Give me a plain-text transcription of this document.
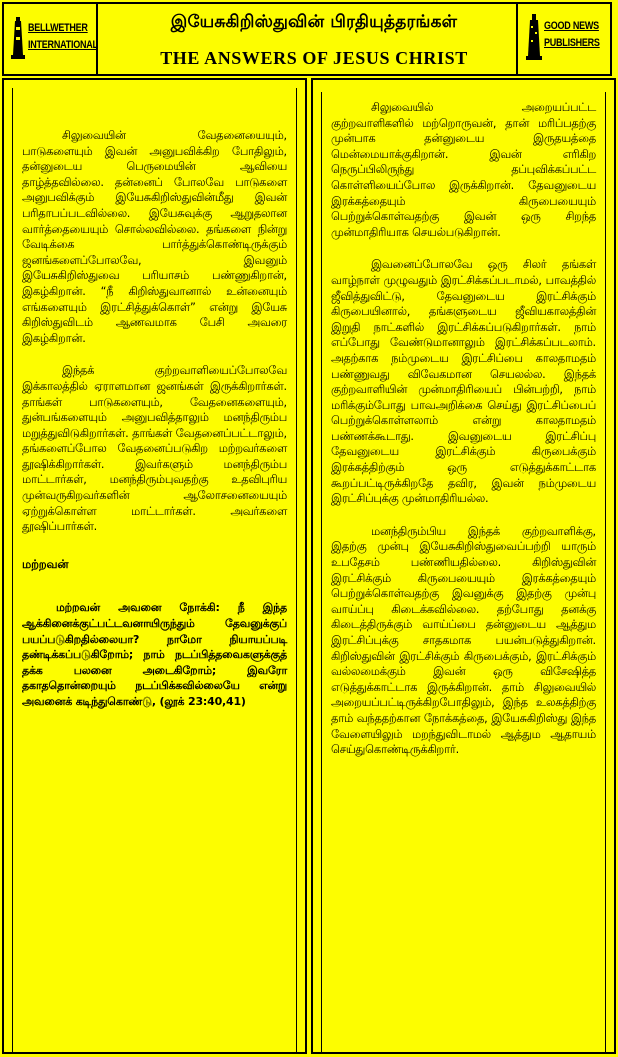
BELLWETHER
INTERNATIONAL
இயேசுகிறிஸ்துவின் பிரதியுத்தரங்கள்
THE ANSWERS OF JESUS CHRIST
GOOD NEWS
PUBLISHERS

சிலுவையின் வேதனையையும், பாடுகளையும் இவன் அனுபவிக்கிற போதிலும், தன்னுடைய பெருமையின் ஆவியை தாழ்த்தவில்லை. தன்னைப் போலவே பாடுகளை அனுபவிக்கும் இயேசுகிறிஸ்துவின்மீது இவன் பரிதாபப்படவில்லை. இயேசுவுக்கு ஆறுதலான வார்த்தையையும் சொல்லவில்லை. தங்களை நின்று வேடிக்கை பார்த்துக்கொண்டிருக்கும் ஜனங்களைப்போலவே, இவனும் இயேசுகிறிஸ்துவை பரியாசம் பண்ணுகிறான், இகழ்கிறான். “நீ கிறிஸ்துவானால் உன்னையும் எங்களையும் இரட்சித்துக்கொள்” என்று இயேசு கிறிஸ்துவிடம் ஆணவமாக பேசி அவரை இகழ்கிறான்.

இந்தக் குற்றவாளியைப்போலவே இக்காலத்தில் ஏராளமான ஜனங்கள் இருக்கிறார்கள். தாங்கள் பாடுகளையும், வேதனைகளையும், துன்பங்களையும் அனுபவித்தாலும் மனந்திரும்ப மறுத்துவிடுகிறார்கள். தாங்கள் வேதனைப்பட்டாலும், தங்களைப்போல வேதனைப்படுகிற மற்றவர்களை தூஷிக்கிறார்கள். இவர்களும் மனந்திரும்ப மாட்டார்கள், மனந்திரும்புவதற்கு உதவிபுரிய முன்வருகிறவர்களின் ஆலோசனையையும் ஏற்றுக்கொள்ள மாட்டார்கள். அவர்களை தூஷிப்பார்கள்.

மற்றவன்

மற்றவன் அவனை நோக்கி: நீ இந்த ஆக்கினைக்குட்பட்டவனாயிருந்தும் தேவனுக்குப் பயப்படுகிறதில்லையா? நாமோ நியாயப்படி தண்டிக்கப்படுகிறோம்; நாம் நடப்பித்தவைகளுக்குத் தக்க பலனை அடைகிறோம்; இவரோ தகாததொன்றையும் நடப்பிக்கவில்லையே என்று அவனைக் கடிந்துகொண்டு, (லூக் 23:40,41)

சிலுவையில் அறையப்பட்ட குற்றவாளிகளில் மற்றொருவன், தான் மரிப்பதற்கு முன்பாக தன்னுடைய இருதயத்தை மென்மையாக்குகிறான். இவன் எரிகிற நெருப்பிலிருந்து தப்புவிக்கப்பட்ட கொள்ளியைப்போல இருக்கிறான். தேவனுடைய இரக்கத்தையும் கிருபையையும் பெற்றுக்கொள்வதற்கு இவன் ஒரு சிறந்த முன்மாதிரியாக செயல்படுகிறான்.

இவனைப்போலவே ஒரு சிலர் தங்கள் வாழ்நாள் முழுவதும் இரட்சிக்கப்படாமல், பாவத்தில் ஜீவித்துவிட்டு, தேவனுடைய இரட்சிக்கும் கிருபையினால், தங்களுடைய ஜீவியகாலத்தின் இறுதி நாட்களில் இரட்சிக்கப்படுகிறார்கள். நாம் எப்போது வேண்டுமானாலும் இரட்சிக்கப்படலாம். அதற்காக நம்முடைய இரட்சிப்பை காலதாமதம் பண்ணுவது விவேகமான செயலல்ல. இந்தக் குற்றவாளியின் முன்மாதிரியைப் பின்பற்றி, நாம் மரிக்கும்போது பாவஅறிக்கை செய்து இரட்சிப்பைப் பெற்றுக்கொள்ளலாம் என்று காலதாமதம் பண்ணக்கூடாது. இவனுடைய இரட்சிப்பு தேவனுடைய இரட்சிக்கும் கிருபைக்கும் இரக்கத்திற்கும் ஒரு எடுத்துக்காட்டாக கூறப்பட்டிருக்கிறதே தவிர, இவன் நம்முடைய இரட்சிப்புக்கு முன்மாதிரியல்ல.

மனந்திரும்பிய இந்தக் குற்றவாளிக்கு, இதற்கு முன்பு இயேசுகிறிஸ்துவைப்பற்றி யாரும் உபதேசம் பண்ணியதில்லை. கிறிஸ்துவின் இரட்சிக்கும் கிருபையையும் இரக்கத்தையும் பெற்றுக்கொள்வதற்கு இவனுக்கு இதற்கு முன்பு வாய்ப்பு கிடைக்கவில்லை. தற்போது தனக்கு கிடைத்திருக்கும் வாய்ப்பை தன்னுடைய ஆத்தும இரட்சிப்புக்கு சாதகமாக பயன்படுத்துகிறான். கிறிஸ்துவின் இரட்சிக்கும் கிருபைக்கும், இரட்சிக்கும் வல்லமைக்கும் இவன் ஒரு விசேஷித்த எடுத்துக்காட்டாக இருக்கிறான். தாம் சிலுவையில் அறையப்பட்டிருக்கிறபோதிலும், இந்த உலகத்திற்கு தாம் வந்ததற்கான நோக்கத்தை, இயேசுகிறிஸ்து இந்த வேளையிலும் மறந்துவிடாமல் ஆத்தும ஆதாயம் செய்துகொண்டிருக்கிறார்.
